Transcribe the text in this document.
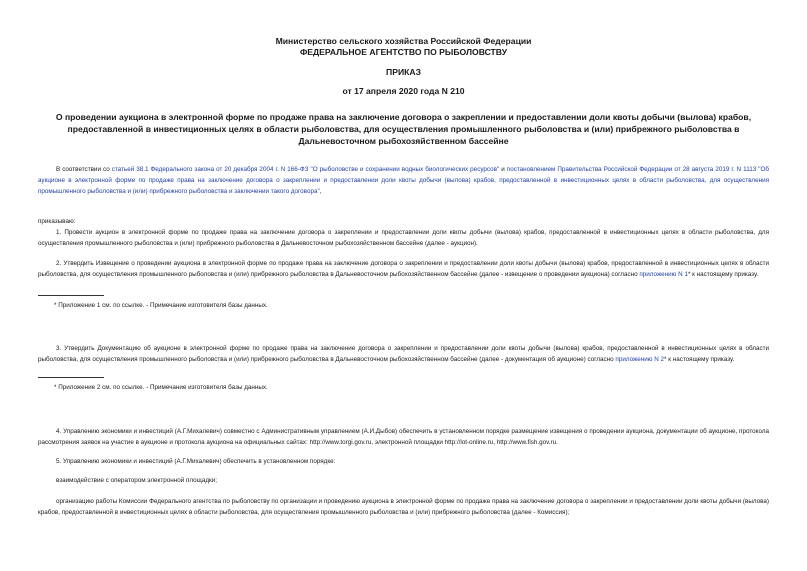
Министерство сельского хозяйства Российской Федерации
ФЕДЕРАЛЬНОЕ АГЕНТСТВО ПО РЫБОЛОВСТВУ
ПРИКАЗ
от 17 апреля 2020 года N 210
О проведении аукциона в электронной форме по продаже права на заключение договора о закреплении и предоставлении доли квоты добычи (вылова) крабов, предоставленной в инвестиционных целях в области рыболовства, для осуществления промышленного рыболовства и (или) прибрежного рыболовства в Дальневосточном рыбохозяйственном бассейне
В соответствии со статьей 38.1 Федерального закона от 20 декабря 2004 г. N 166-ФЗ "О рыболовстве и сохранении водных биологических ресурсов" и постановлением Правительства Российской Федерации от 28 августа 2019 г. N 1113 "Об аукционе в электронной форме по продаже права на заключение договора о закреплении и предоставлении доли квоты добычи (вылова) крабов, предоставленной в инвестиционных целях в области рыболовства, для осуществления промышленного рыболовства и (или) прибрежного рыболовства и заключении такого договора",
приказываю:
1. Провести аукцион в электронной форме по продаже права на заключение договора о закреплении и предоставлении доли квоты добычи (вылова) крабов, предоставленной в инвестиционных целях в области рыболовства, для осуществления промышленного рыболовства и (или) прибрежного рыболовства в Дальневосточном рыбохозяйственном бассейне (далее - аукцион).
2. Утвердить Извещение о проведении аукциона в электронной форме по продаже права на заключение договора о закреплении и предоставлении доли квоты добычи (вылова) крабов, предоставленной в инвестиционных целях в области рыболовства, для осуществления промышленного рыболовства и (или) прибрежного рыболовства в Дальневосточном рыбохозяйственном бассейне (далее - извещение о проведении аукциона) согласно приложению N 1* к настоящему приказу.
* Приложение 1 см. по ссылке. - Примечание изготовителя базы данных.
3. Утвердить Документацию об аукционе в электронной форме по продаже права на заключение договора о закреплении и предоставлении доли квоты добычи (вылова) крабов, предоставленной в инвестиционных целях в области рыболовства, для осуществления промышленного рыболовства и (или) прибрежного рыболовства в Дальневосточном рыбохозяйственном бассейне (далее - документация об аукционе) согласно приложению N 2* к настоящему приказу.
* Приложение 2 см. по ссылке. - Примечание изготовителя базы данных.
4. Управлению экономики и инвестиций (А.Г.Михалевич) совместно с Административным управлением (А.И.Дыбов) обеспечить в установленном порядке размещение извещения о проведении аукциона, документации об аукционе, протокола рассмотрения заявок на участие в аукционе и протокола аукциона на официальных сайтах: http://www.torgi.gov.ru, электронной площадки http://lot-online.ru, http://www.fish.gov.ru.
5. Управлению экономики и инвестиций (А.Г.Михалевич) обеспечить в установленном порядке:
взаимодействие с оператором электронной площадки;
организацию работы Комиссии Федерального агентства по рыболовству по организации и проведению аукциона в электронной форме по продаже права на заключение договора о закреплении и предоставлении доли квоты добычи (вылова) крабов, предоставленной в инвестиционных целях в области рыболовства, для осуществления промышленного рыболовства и (или) прибрежного рыболовства (далее - Комиссия);
